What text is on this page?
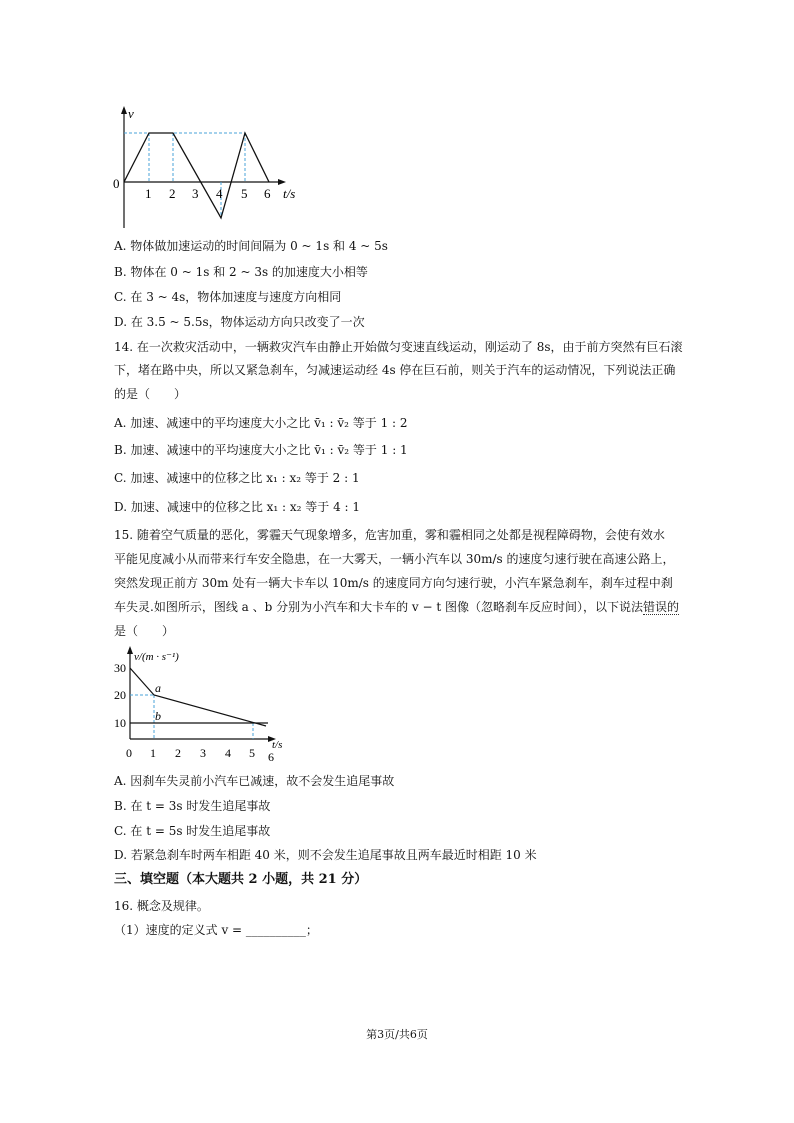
v
0
1 2 3 4 5 6 t/s
A. 物体做加速运动的时间间隔为 0 ~ 1s 和 4 ~ 5s
B. 物体在 0 ~ 1s 和 2 ~ 3s 的加速度大小相等
C. 在 3 ~ 4s，物体加速度与速度方向相同
D. 在 3.5 ~ 5.5s，物体运动方向只改变了一次
14. 在一次救灾活动中，一辆救灾汽车由静止开始做匀变速直线运动，刚运动了 8s，由于前方突然有巨石滚
下，堵在路中央，所以又紧急刹车，匀减速运动经 4s 停在巨石前，则关于汽车的运动情况，下列说法正确
的是（　　）
A. 加速、减速中的平均速度大小之比 v̄₁ : v̄₂ 等于 1 : 2
B. 加速、减速中的平均速度大小之比 v̄₁ : v̄₂ 等于 1 : 1
C. 加速、减速中的位移之比 x₁ : x₂ 等于 2 : 1
D. 加速、减速中的位移之比 x₁ : x₂ 等于 4 : 1
15. 随着空气质量的恶化，雾霾天气现象增多，危害加重，雾和霾相同之处都是视程障碍物，会使有效水
平能见度减小从而带来行车安全隐患，在一大雾天，一辆小汽车以 30m/s 的速度匀速行驶在高速公路上，
突然发现正前方 30m 处有一辆大卡车以 10m/s 的速度同方向匀速行驶，小汽车紧急刹车，刹车过程中刹
车失灵.如图所示，图线 a 、b 分别为小汽车和大卡车的 v − t 图像（忽略刹车反应时间），以下说法错误的
是（　　）
v/(m · s⁻¹)
30
20
10
a
b
0 1 2 3 4 5 6
t/s
A. 因刹车失灵前小汽车已减速，故不会发生追尾事故
B. 在 t = 3s 时发生追尾事故
C. 在 t = 5s 时发生追尾事故
D. 若紧急刹车时两车相距 40 米，则不会发生追尾事故且两车最近时相距 10 米
三、填空题（本大题共 2 小题，共 21 分）
16. 概念及规律。
（1）速度的定义式 v = __________；
第3页/共6页
